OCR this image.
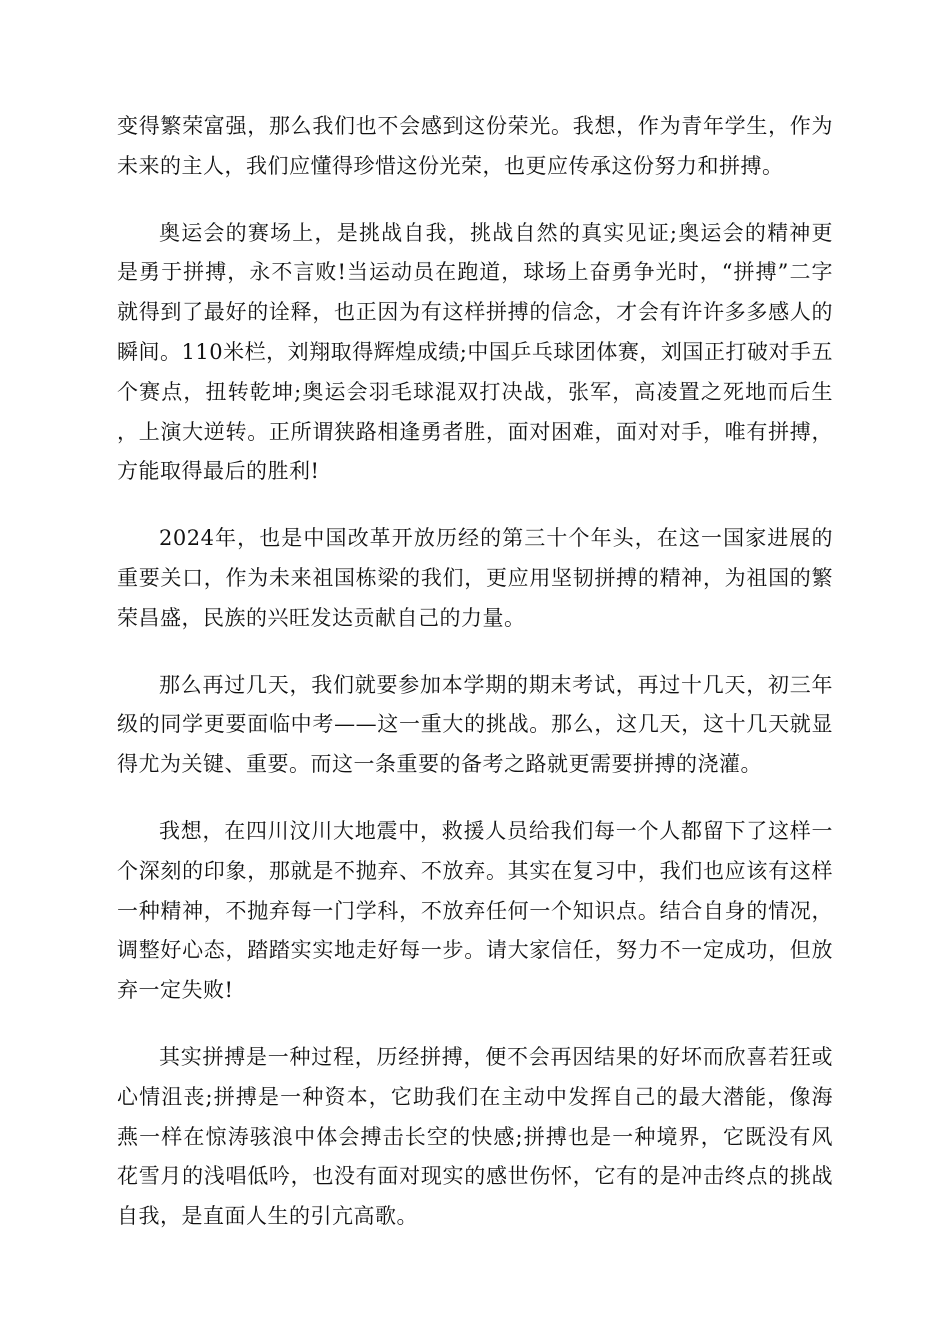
变得繁荣富强，那么我们也不会感到这份荣光。我想，作为青年学生，作为未来的主人，我们应懂得珍惜这份光荣，也更应传承这份努力和拼搏。

奥运会的赛场上，是挑战自我，挑战自然的真实见证;奥运会的精神更是勇于拼搏，永不言败!当运动员在跑道，球场上奋勇争光时，“拼搏”二字就得到了最好的诠释，也正因为有这样拼搏的信念，才会有许许多多感人的瞬间。110米栏，刘翔取得辉煌成绩;中国乒乓球团体赛，刘国正打破对手五个赛点，扭转乾坤;奥运会羽毛球混双打决战，张军，高凌置之死地而后生，上演大逆转。正所谓狭路相逢勇者胜，面对困难，面对对手，唯有拼搏，方能取得最后的胜利!

2024年，也是中国改革开放历经的第三十个年头，在这一国家进展的重要关口，作为未来祖国栋梁的我们，更应用坚韧拼搏的精神，为祖国的繁荣昌盛，民族的兴旺发达贡献自己的力量。

那么再过几天，我们就要参加本学期的期末考试，再过十几天，初三年级的同学更要面临中考——这一重大的挑战。那么，这几天，这十几天就显得尤为关键、重要。而这一条重要的备考之路就更需要拼搏的浇灌。

我想，在四川汶川大地震中，救援人员给我们每一个人都留下了这样一个深刻的印象，那就是不抛弃、不放弃。其实在复习中，我们也应该有这样一种精神，不抛弃每一门学科，不放弃任何一个知识点。结合自身的情况，调整好心态，踏踏实实地走好每一步。请大家信任，努力不一定成功，但放弃一定失败!

其实拼搏是一种过程，历经拼搏，便不会再因结果的好坏而欣喜若狂或心情沮丧;拼搏是一种资本，它助我们在主动中发挥自己的最大潜能，像海燕一样在惊涛骇浪中体会搏击长空的快感;拼搏也是一种境界，它既没有风花雪月的浅唱低吟，也没有面对现实的感世伤怀，它有的是冲击终点的挑战自我，是直面人生的引亢高歌。
